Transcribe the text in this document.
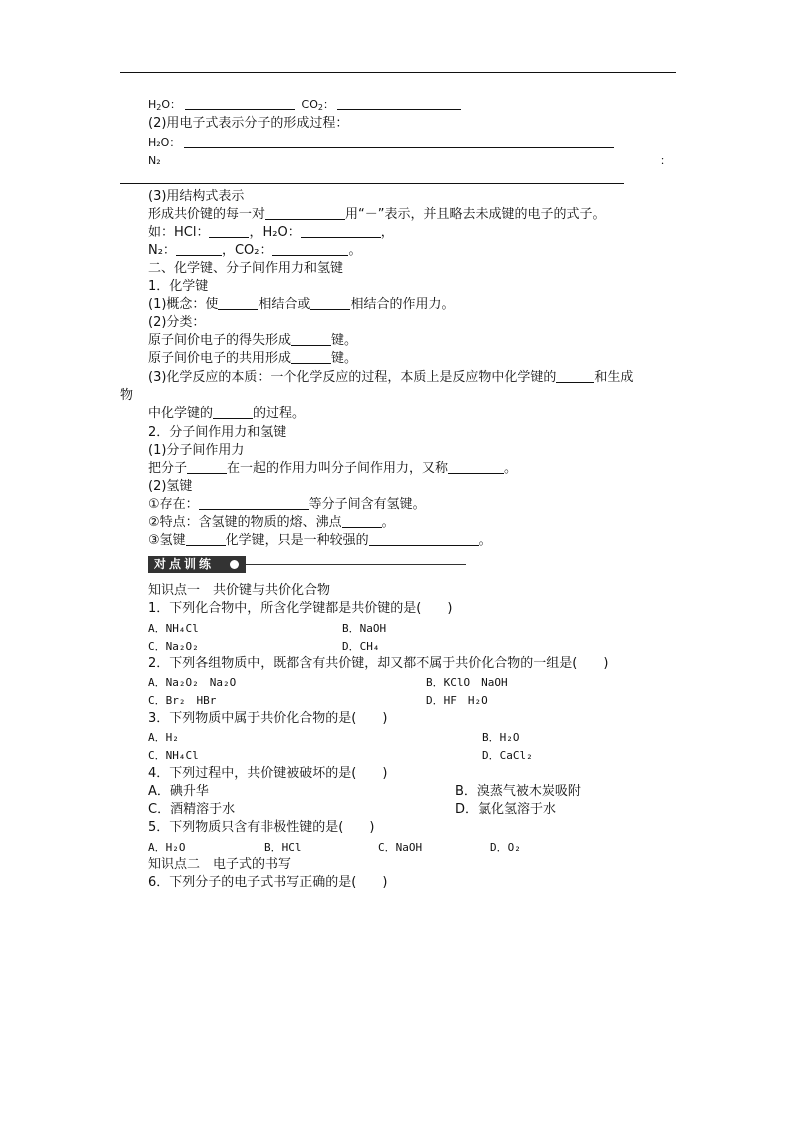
$H_2O$：	$CO_2$：
(2)用电子式表示分子的形成过程：
H₂O：
N₂	：
(3)用结构式表示
形成共价键的每一对	用“－”表示，并且略去未成键的电子的式子。
如：HCl：	，H₂O：	，
N₂：	，CO₂：	。
二、化学键、分子间作用力和氢键
1．化学键
(1)概念：使	相结合或	相结合的作用力。
(2)分类：
原子间价电子的得失形成	键。
原子间价电子的共用形成	键。
(3)化学反应的本质：一个化学反应的过程，本质上是反应物中化学键的	和生成
物
中化学键的	的过程。
2．分子间作用力和氢键
(1)分子间作用力
把分子	在一起的作用力叫分子间作用力，又称	。
(2)氢键
①存在：	等分子间含有氢键。
②特点：含氢键的物质的熔、沸点	。
③氢键	化学键，只是一种较强的	。
对点训练
知识点一　共价键与共价化合物
1．下列化合物中，所含化学键都是共价键的是(　　)
A．NH₄Cl	B．NaOH
C．Na₂O₂	D．CH₄
2．下列各组物质中，既都含有共价键，却又都不属于共价化合物的一组是(　　)
A．Na₂O₂　Na₂O	B．KClO　NaOH
C．Br₂　HBr	D．HF　H₂O
3．下列物质中属于共价化合物的是(　　)
A．H₂	B．H₂O
C．NH₄Cl	D．CaCl₂
4．下列过程中，共价键被破坏的是(　　)
A．碘升华	B．溴蒸气被木炭吸附
C．酒精溶于水	D．氯化氢溶于水
5．下列物质只含有非极性键的是(　　)
A．H₂O	B．HCl	C．NaOH	D．O₂
知识点二　电子式的书写
6．下列分子的电子式书写正确的是(　　)
